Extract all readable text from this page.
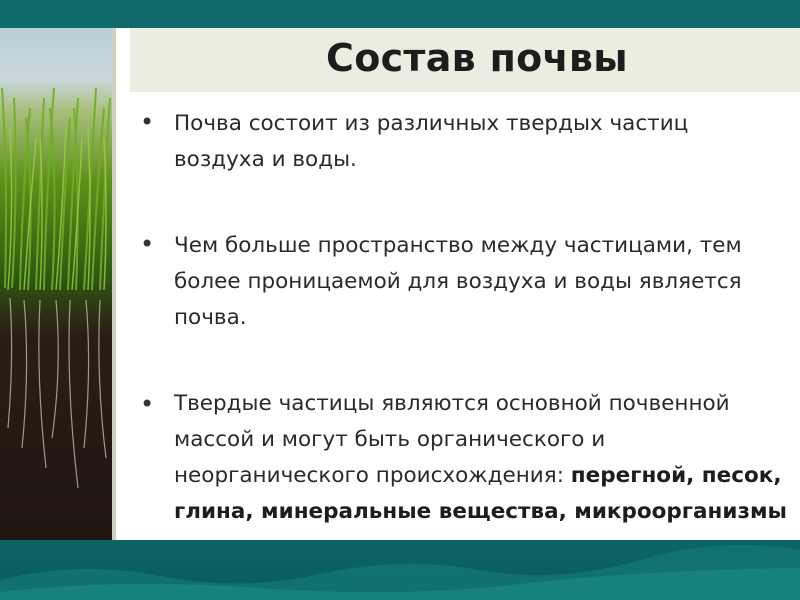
Состав почвы
• Почва состоит из различных твердых частиц
воздуха и воды.
• Чем больше пространство между частицами, тем
более проницаемой для воздуха и воды является
почва.
• Твердые частицы являются основной почвенной
массой и могут быть органического и
неорганического происхождения: перегной, песок,
глина, минеральные вещества, микроорганизмы
